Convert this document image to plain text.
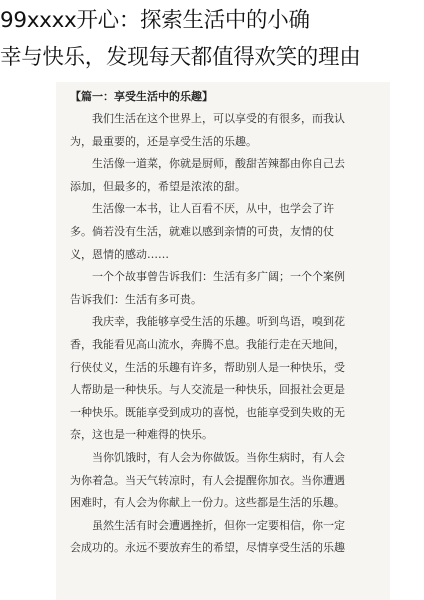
99xxxx开心：探索生活中的小确
幸与快乐，发现每天都值得欢笑的理由
【篇一：享受生活中的乐趣】
我们生活在这个世界上，可以享受的有很多，而我认
为，最重要的，还是享受生活的乐趣。
生活像一道菜，你就是厨师，酸甜苦辣都由你自己去
添加，但最多的，希望是浓浓的甜。
生活像一本书，让人百看不厌，从中，也学会了许
多。倘若没有生活，就难以感到亲情的可贵，友情的仗
义，恩情的感动……
一个个故事曾告诉我们：生活有多广阔；一个个案例
告诉我们：生活有多可贵。
我庆幸，我能够享受生活的乐趣。听到鸟语，嗅到花
香，我能看见高山流水，奔腾不息。我能行走在天地间，
行侠仗义，生活的乐趣有许多，帮助别人是一种快乐，受
人帮助是一种快乐。与人交流是一种快乐，回报社会更是
一种快乐。既能享受到成功的喜悦，也能享受到失败的无
奈，这也是一种难得的快乐。
当你饥饿时，有人会为你做饭。当你生病时，有人会
为你着急。当天气转凉时，有人会提醒你加衣。当你遭遇
困难时，有人会为你献上一份力。这些都是生活的乐趣。
虽然生活有时会遭遇挫折，但你一定要相信，你一定
会成功的。永远不要放弃生的希望，尽情享受生活的乐趣
